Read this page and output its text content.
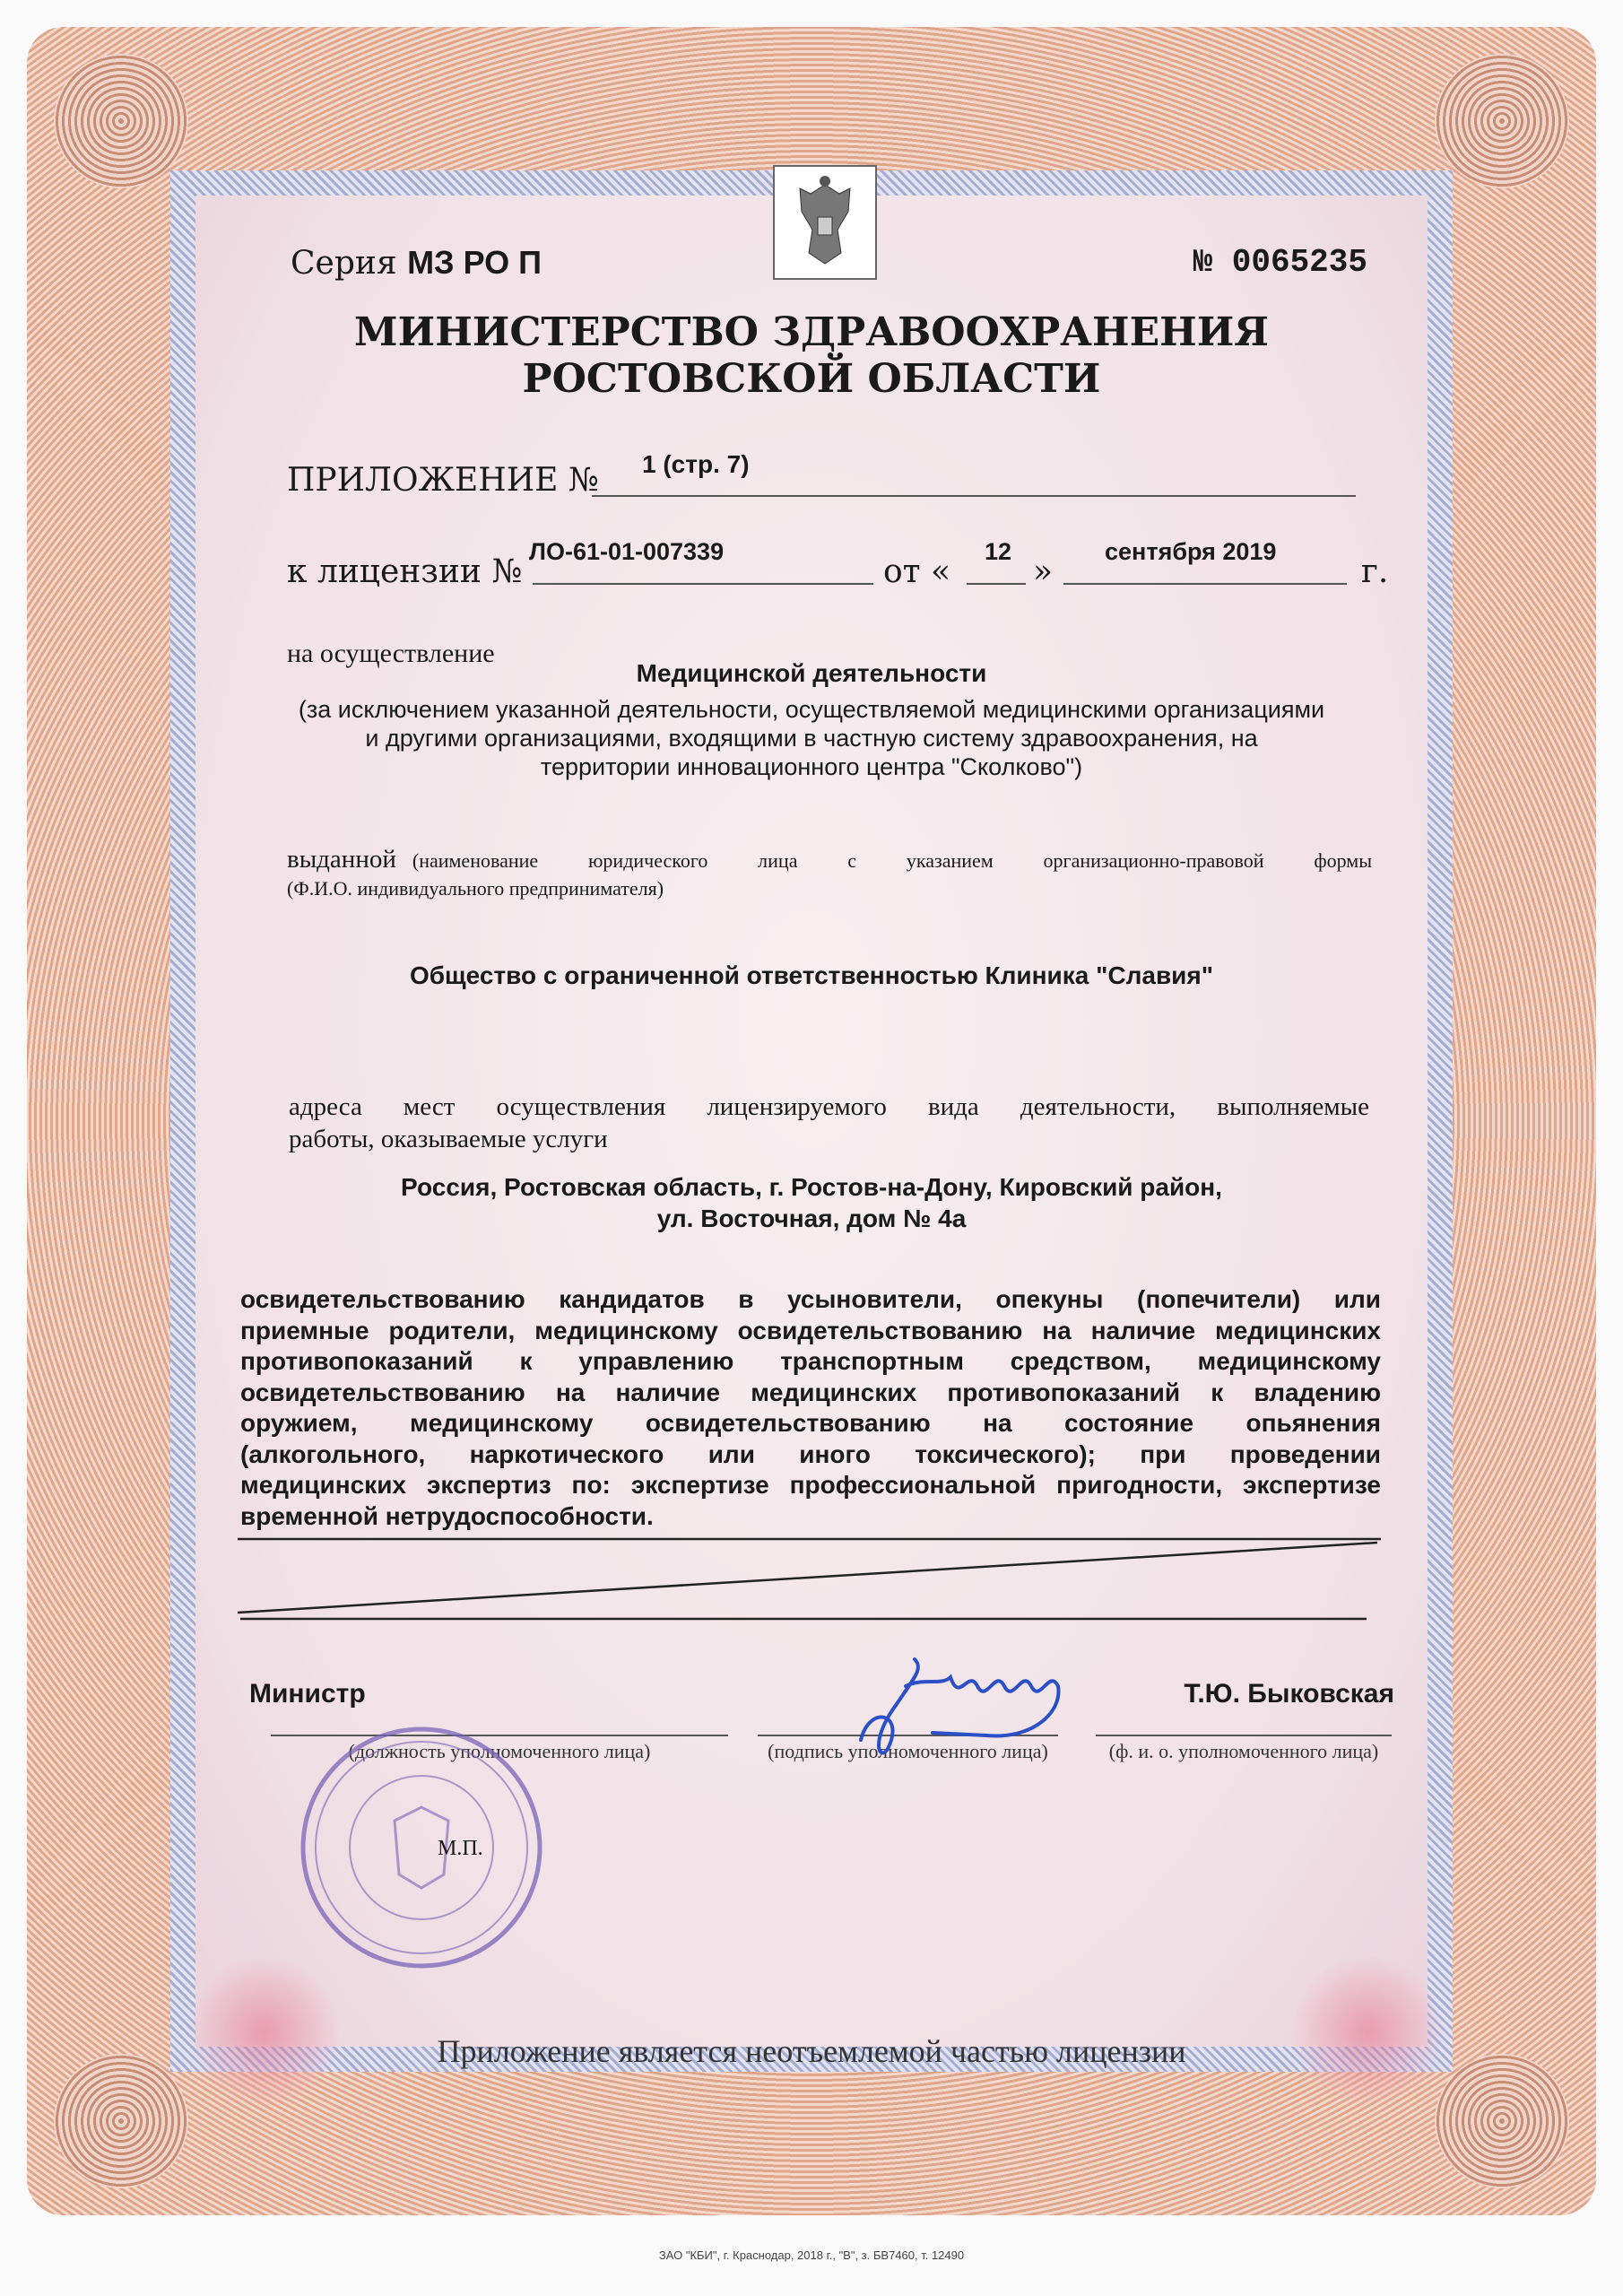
Серия МЗ РО П	№ 0065235
МИНИСТЕРСТВО ЗДРАВООХРАНЕНИЯ
РОСТОВСКОЙ ОБЛАСТИ
ПРИЛОЖЕНИЕ № 1 (стр. 7)
к лицензии №
ЛО-61-01-007339
от «
12
»
сентября 2019
г.
на осуществление
Медицинской деятельности
(за исключением указанной деятельности, осуществляемой медицинскими организациями
и другими организациями, входящими в частную систему здравоохранения, на
территории инновационного центра "Сколково")
выданной (наименование юридического лица с указанием организационно-правовой формы
(Ф.И.О. индивидуального предпринимателя)
Общество с ограниченной ответственностью Клиника "Славия"
адреса мест осуществления лицензируемого вида деятельности, выполняемые
работы, оказываемые услуги
Россия, Ростовская область, г. Ростов-на-Дону, Кировский район,
ул. Восточная, дом № 4а
освидетельствованию кандидатов в усыновители, опекуны (попечители) или
приемные родители, медицинскому освидетельствованию на наличие медицинских
противопоказаний к управлению транспортным средством, медицинскому
освидетельствованию на наличие медицинских противопоказаний к владению
оружием, медицинскому освидетельствованию на состояние опьянения
(алкогольного, наркотического или иного токсического); при проведении
медицинских экспертиз по: экспертизе профессиональной пригодности, экспертизе
временной нетрудоспособности.
Министр
(должность уполномоченного лица)	(подпись уполномоченного лица)
Т.Ю. Быковская
(ф. и. о. уполномоченного лица)
М.П.
Приложение является неотъемлемой частью лицензии
ЗАО "КБИ", г. Краснодар, 2018 г., "В", з. БВ7460, т. 12490
